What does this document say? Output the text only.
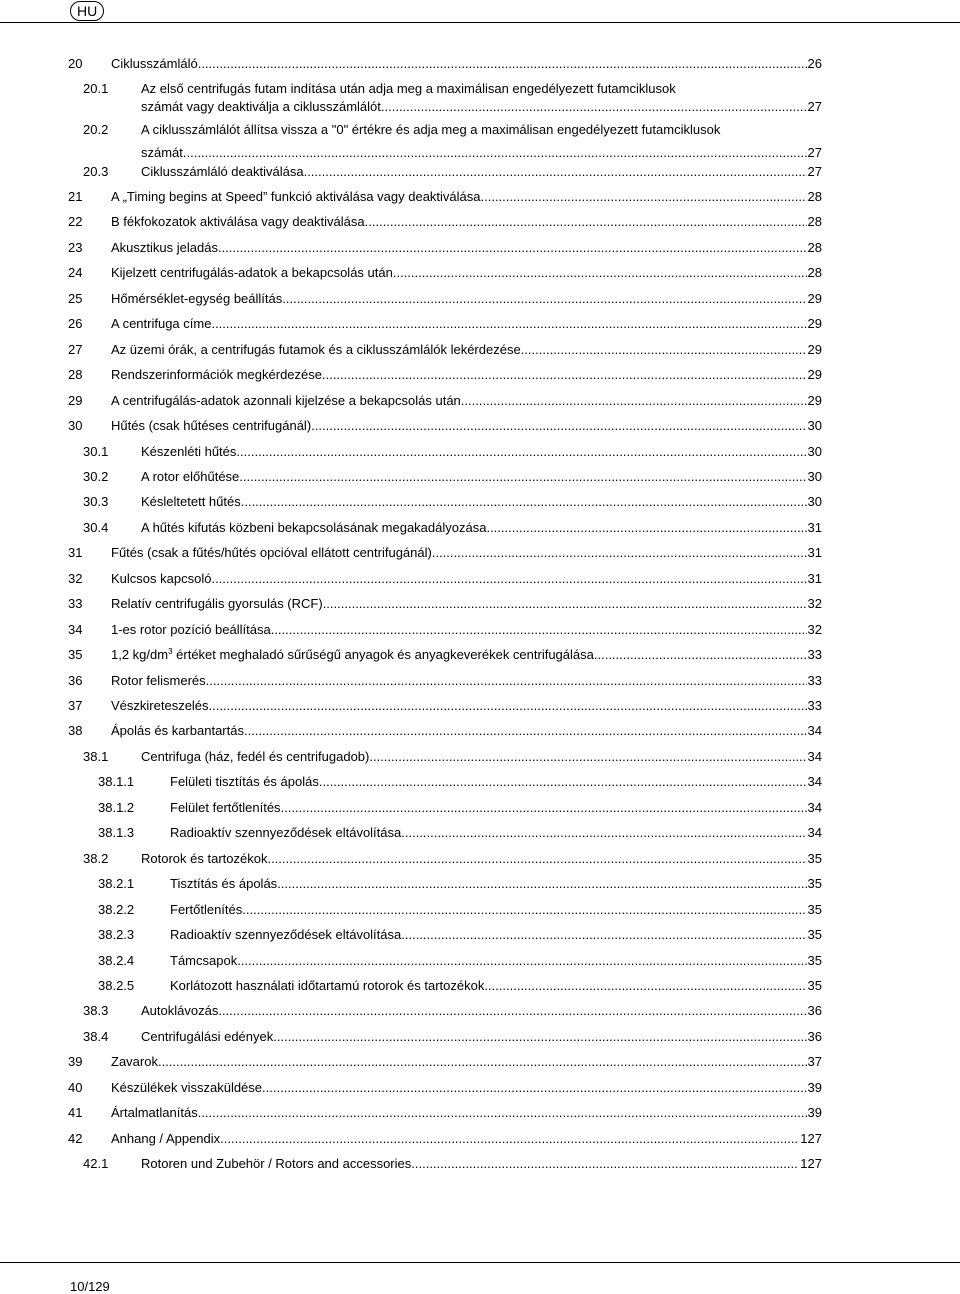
HU
20 Ciklusszámláló .....	26
20.1	Az első centrifugás futam indítása után adja meg a maximálisan engedélyezett futamciklusok
számát vagy deaktiválja a ciklusszámlálót .....	27
20.2	A ciklusszámlálót állítsa vissza a "0" értékre és adja meg a maximálisan engedélyezett futamciklusok
számát .....	27
20.3	Ciklusszámláló deaktiválása .....	27
21 A „Timing begins at Speed” funkció aktiválása vagy deaktiválása .....	28
22 B fékfokozatok aktiválása vagy deaktiválása .....	28
23 Akusztikus jeladás .....	28
24 Kijelzett centrifugálás-adatok a bekapcsolás után. .....	28
25 Hőmérséklet-egység beállítás .....	29
26 A centrifuga címe .....	29
27 Az üzemi órák, a centrifugás futamok és a ciklusszámlálók lekérdezése .....	29
28 Rendszerinformációk megkérdezése .....	29
29 A centrifugálás-adatok azonnali kijelzése a bekapcsolás után .....	29
30 Hűtés (csak hűtéses centrifugánál) .....	30
30.1	Készenléti hűtés .....	30
30.2	A rotor előhűtése .....	30
30.3	Késleltetett hűtés .....	30
30.4	A hűtés kifutás közbeni bekapcsolásának megakadályozása .....	31
31 Fűtés (csak a fűtés/hűtés opcióval ellátott centrifugánál) .....	31
32 Kulcsos kapcsoló .....	31
33 Relatív centrifugális gyorsulás (RCF) .....	32
34 1-es rotor pozíció beállítása .....	32
35 1,2 $kg/dm^3$ értéket meghaladó sűrűségű anyagok és anyagkeverékek centrifugálása .....	33
36 Rotor felismerés .....	33
37 Vészkireteszelés .....	33
38 Ápolás és karbantartás .....	34
38.1	Centrifuga (ház, fedél és centrifugadob) .....	34
38.1.1	Felületi tisztítás és ápolás .....	34
38.1.2	Felület fertőtlenítés .....	34
38.1.3	Radioaktív szennyeződések eltávolítása .....	34
38.2	Rotorok és tartozékok .....	35
38.2.1	Tisztítás és ápolás .....	35
38.2.2	Fertőtlenítés .....	35
38.2.3	Radioaktív szennyeződések eltávolítása .....	35
38.2.4	Támcsapok .....	35
38.2.5	Korlátozott használati időtartamú rotorok és tartozékok .....	35
38.3	Autoklávozás .....	36
38.4	Centrifugálási edények .....	36
39 Zavarok .....	37
40 Készülékek visszaküldése .....	39
41 Ártalmatlanítás .....	39
42 Anhang / Appendix .....	127
42.1	Rotoren und Zubehör / Rotors and accessories .....	127
10/129
